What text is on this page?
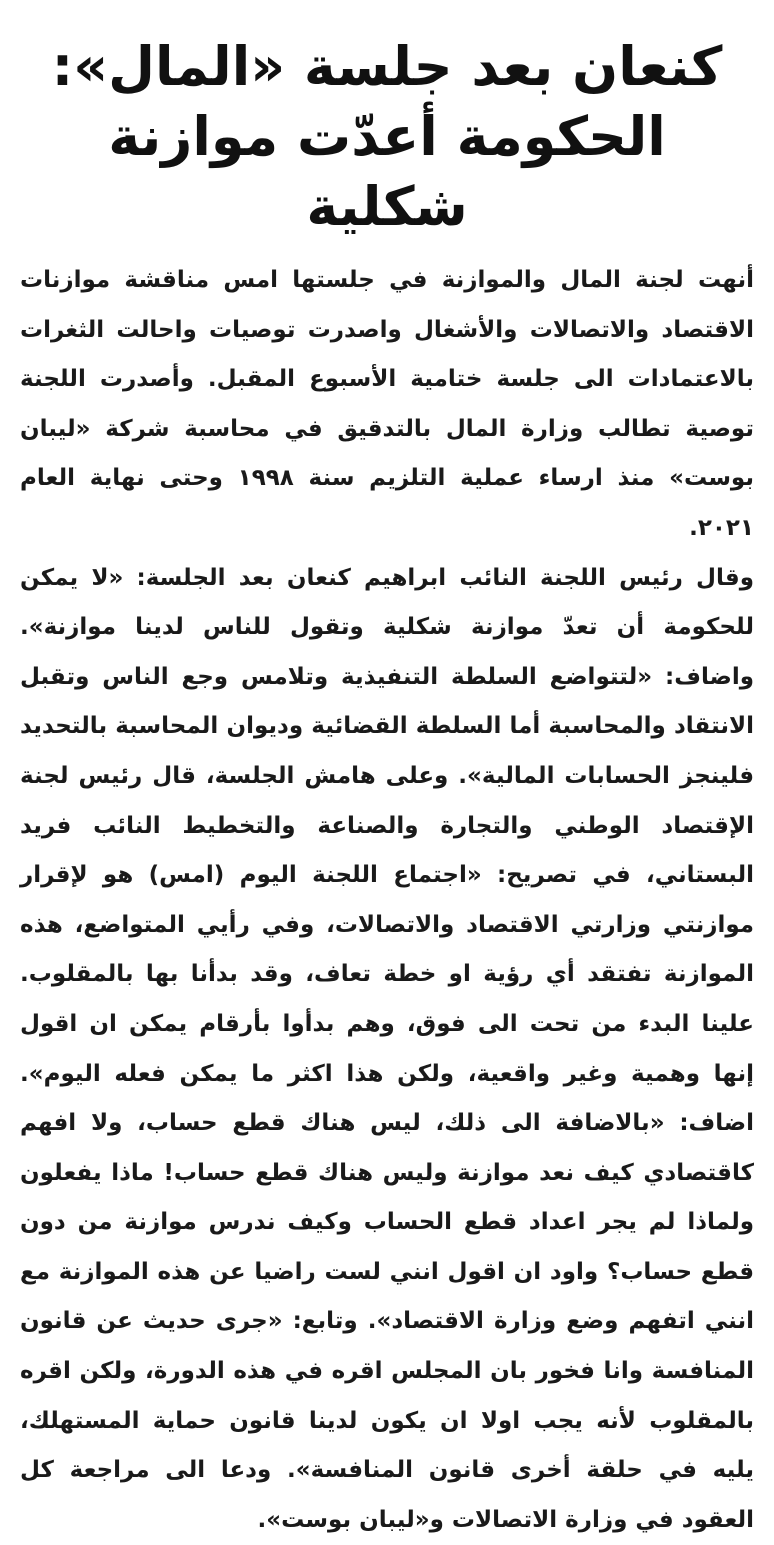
كنعان بعد جلسة «المال»:
الحكومة أعدّت موازنة شكلية

أنهت لجنة المال والموازنة في جلستها امس مناقشة موازنات الاقتصاد والاتصالات والأشغال واصدرت توصيات واحالت الثغرات بالاعتمادات الى جلسة ختامية الأسبوع المقبل. وأصدرت اللجنة توصية تطالب وزارة المال بالتدقيق في محاسبة شركة «ليبان بوست» منذ ارساء عملية التلزيم سنة ١٩٩٨ وحتى نهاية العام ٢٠٢١.

وقال رئيس اللجنة النائب ابراهيم كنعان بعد الجلسة: «لا يمكن للحكومة أن تعدّ موازنة شكلية وتقول للناس لدينا موازنة». واضاف: «لتتواضع السلطة التنفيذية وتلامس وجع الناس وتقبل الانتقاد والمحاسبة أما السلطة القضائية وديوان المحاسبة بالتحديد فلينجز الحسابات المالية». وعلى هامش الجلسة، قال رئيس لجنة الإقتصاد الوطني والتجارة والصناعة والتخطيط النائب فريد البستاني، في تصريح: «اجتماع اللجنة اليوم (امس) هو لإقرار موازنتي وزارتي الاقتصاد والاتصالات، وفي رأيي المتواضع، هذه الموازنة تفتقد أي رؤية او خطة تعاف، وقد بدأنا بها بالمقلوب. علينا البدء من تحت الى فوق، وهم بدأوا بأرقام يمكن ان اقول إنها وهمية وغير واقعية، ولكن هذا اكثر ما يمكن فعله اليوم». اضاف: «بالاضافة الى ذلك، ليس هناك قطع حساب، ولا افهم كاقتصادي كيف نعد موازنة وليس هناك قطع حساب! ماذا يفعلون ولماذا لم يجر اعداد قطع الحساب وكيف ندرس موازنة من دون قطع حساب؟ واود ان اقول انني لست راضيا عن هذه الموازنة مع انني اتفهم وضع وزارة الاقتصاد». وتابع: «جرى حديث عن قانون المنافسة وانا فخور بان المجلس اقره في هذه الدورة، ولكن اقره بالمقلوب لأنه يجب اولا ان يكون لدينا قانون حماية المستهلك، يليه في حلقة أخرى قانون المنافسة». ودعا الى مراجعة كل العقود في وزارة الاتصالات و«ليبان بوست».
